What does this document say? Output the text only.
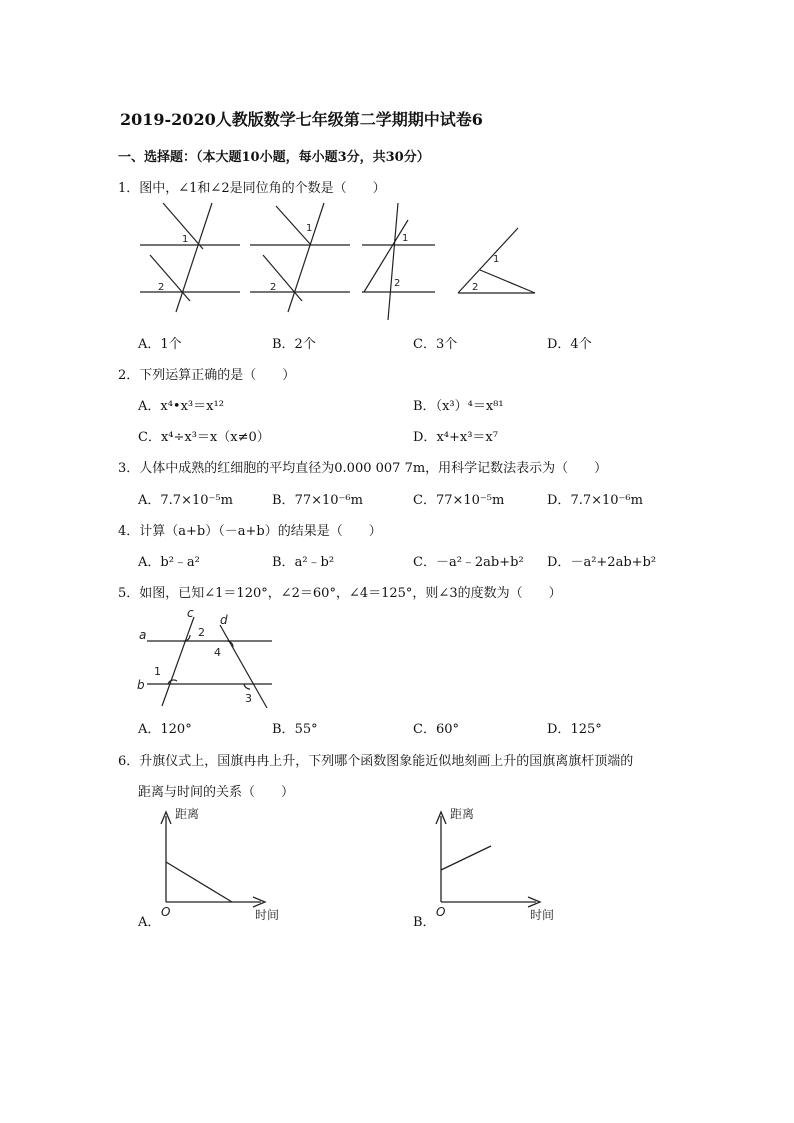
2019-2020人教版数学七年级第二学期期中试卷6
一、选择题：（本大题10小题，每小题3分，共30分）
1．图中，∠1和∠2是同位角的个数是（　　）
1
2
1
2
1
2
1
2
A．1个	B．2个	C．3个	D．4个
2．下列运算正确的是（　　）
A．x⁴•x³＝x¹²	B．（x³）⁴＝x⁸¹
C．x⁴÷x³＝x（x≠0）	D．x⁴+x³＝x⁷
3．人体中成熟的红细胞的平均直径为0.000 007 7m，用科学记数法表示为（　　）
A．7.7×10⁻⁵m	B．77×10⁻⁶m	C．77×10⁻⁵m	D．7.7×10⁻⁶m
4．计算（a+b）（－a+b）的结果是（　　）
A．b²﹣a²	B．a²﹣b²	C．－a²﹣2ab+b² D．－a²+2ab+b²
5．如图，已知∠1＝120°，∠2＝60°，∠4＝125°，则∠3的度数为（　　）
a
b
c d
1
2
3
4
A．120°	B．55°	C．60°	D．125°
6．升旗仪式上，国旗冉冉上升，下列哪个函数图象能近似地刻画上升的国旗离旗杆顶端的
距离与时间的关系（　　）
A．
距离
时间
O
B．
距离
时间
O
